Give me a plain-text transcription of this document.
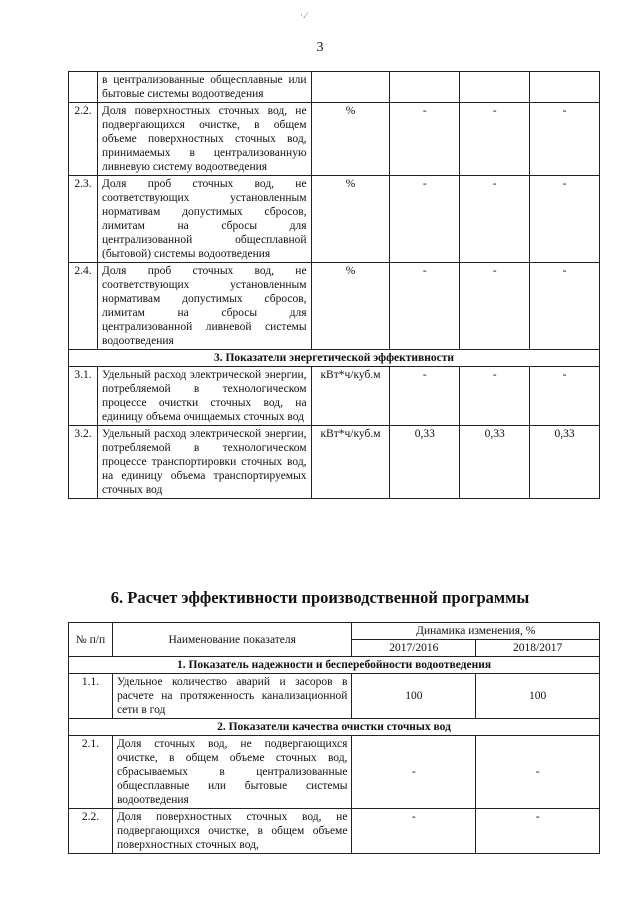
·.∕
3
	в централизованные общесплавные или бытовые системы водоотведения				
2.2.	Доля поверхностных сточных вод, не подвергающихся очистке, в общем объеме поверхностных сточных вод, принимаемых в централизованную ливневую систему водоотведения	%	-	-	-
2.3.	Доля проб сточных вод, не соответствующих установленным нормативам допустимых сбросов, лимитам на сбросы для централизованной общесплавной (бытовой) системы водоотведения	%	-	-	-
2.4.	Доля проб сточных вод, не соответствующих установленным нормативам допустимых сбросов, лимитам на сбросы для централизованной ливневой системы водоотведения	%	-	-	-
3. Показатели энергетической эффективности					
3.1.	Удельный расход электрической энергии, потребляемой в технологическом процессе очистки сточных вод, на единицу объема очищаемых сточных вод	кВт*ч/куб.м	-	-	-
3.2.	Удельный расход электрической энергии, потребляемой в технологическом процессе транспортировки сточных вод, на единицу объема транспортируемых сточных вод	кВт*ч/куб.м	0,33	0,33	0,33
6. Расчет эффективности производственной программы
№ п/п	Наименование показателя	Динамика изменения, %	
		2017/2016	2018/2017
1. Показатель надежности и бесперебойности водоотведения			
1.1.	Удельное количество аварий и засоров в расчете на протяженность канализационной сети в год	100	100
2. Показатели качества очистки сточных вод			
2.1.	Доля сточных вод, не подвергающихся очистке, в общем объеме сточных вод, сбрасываемых в централизованные общесплавные или бытовые системы водоотведения	-	-
2.2.	Доля поверхностных сточных вод, не подвергающихся очистке, в общем объеме поверхностных сточных вод,	-	-
